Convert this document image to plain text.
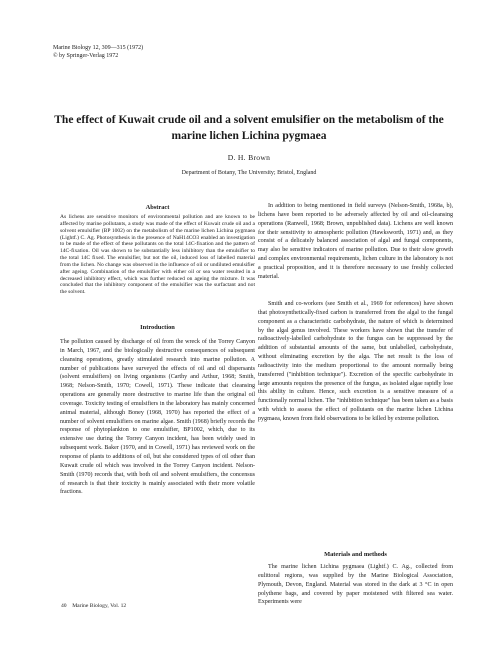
Marine Biology 12, 309—315 (1972)
© by Springer-Verlag 1972
The effect of Kuwait crude oil and a solvent emulsifier on the metabolism of the
marine lichen Lichina pygmaea
D. H. Brown
Department of Botany, The University; Bristol, England
Abstract

As lichens are sensitive monitors of environmental pollution and are known to be affected by marine pollutants, a study was made of the effect of Kuwait crude oil and a solvent emulsifier (BP 1002) on the metabolism of the marine lichen Lichina pygmaea (Lightf.) C. Ag. Photosynthesis in the presence of NaH14CO3 enabled an investigation to be made of the effect of these pollutants on the total 14C-fixation and the pattern of 14C-fixation. Oil was shown to be substantially less inhibitory than the emulsifier to the total 14C fixed. The emulsifier, but not the oil, induced loss of labelled material from the lichen. No change was observed in the influence of oil or undiluted emulsifier after ageing. Combination of the emulsifier with either oil or sea water resulted in a decreased inhibitory effect, which was further reduced on ageing the mixture. It was concluded that the inhibitory component of the emulsifier was the surfactant and not the solvent.

Introduction

The pollution caused by discharge of oil from the wreck of the Torrey Canyon in March, 1967, and the biologically destructive consequences of subsequent cleansing operations, greatly stimulated research into marine pollution. A number of publications have surveyed the effects of oil and oil dispersants (solvent emulsifiers) on living organisms (Carthy and Arthur, 1968; Smith, 1968; Nelson-Smith, 1970; Cowell, 1971). These indicate that cleansing operations are generally more destructive to marine life than the original oil coverage. Toxicity testing of emulsifiers in the laboratory has mainly concerned animal material, although Boney (1968, 1970) has reported the effect of a number of solvent emulsifiers on marine algae. Smith (1968) briefly records the response of phytoplankton to one emulsifier, BP1002, which, due to its extensive use during the Torrey Canyon incident, has been widely used in subsequent work. Baker (1970, and in Cowell, 1971) has reviewed work on the response of plants to additions of oil, but she considered types of oil other than Kuwait crude oil which was involved in the Torrey Canyon incident. Nelson-Smith (1970) records that, with both oil and solvent emulsifiers, the concensus of research is that their toxicity is mainly associated with their more volatile fractions.

In addition to being mentioned in field surveys (Nelson-Smith, 1968a, b), lichens have been reported to be adversely affected by oil and oil-cleansing operations (Ranwell, 1968; Brown, unpublished data). Lichens are well known for their sensitivity to atmospheric pollution (Hawksworth, 1971) and, as they consist of a delicately balanced association of algal and fungal components, may also be sensitive indicators of marine pollution. Due to their slow growth and complex environmental requirements, lichen culture in the laboratory is not a practical proposition, and it is therefore necessary to use freshly collected material.

Smith and co-workers (see Smith et al., 1969 for references) have shown that photosynthetically-fixed carbon is transferred from the algal to the fungal component as a characteristic carbohydrate, the nature of which is determined by the algal genus involved. These workers have shown that the transfer of radioactively-labelled carbohydrate to the fungus can be suppressed by the addition of substantial amounts of the same, but unlabelled, carbohydrate, without eliminating excretion by the alga. The net result is the loss of radioactivity into the medium proportional to the amount normally being transferred ("inhibition technique"). Excretion of the specific carbohydrate in large amounts requires the presence of the fungus, as isolated algae rapidly lose this ability in culture. Hence, such excretion is a sensitive measure of a functionally normal lichen. The "inhibition technique" has been taken as a basis with which to assess the effect of pollutants on the marine lichen Lichina pygmaea, known from field observations to be killed by extreme pollution.

Materials and methods

The marine lichen Lichina pygmaea (Lightf.) C. Ag., collected from eulittoral regions, was supplied by the Marine Biological Association, Plymouth, Devon, England. Material was stored in the dark at 3 °C in open polythene bags, and covered by paper moistened with filtered sea water. Experiments were

40 Marine Biology, Vol. 12
